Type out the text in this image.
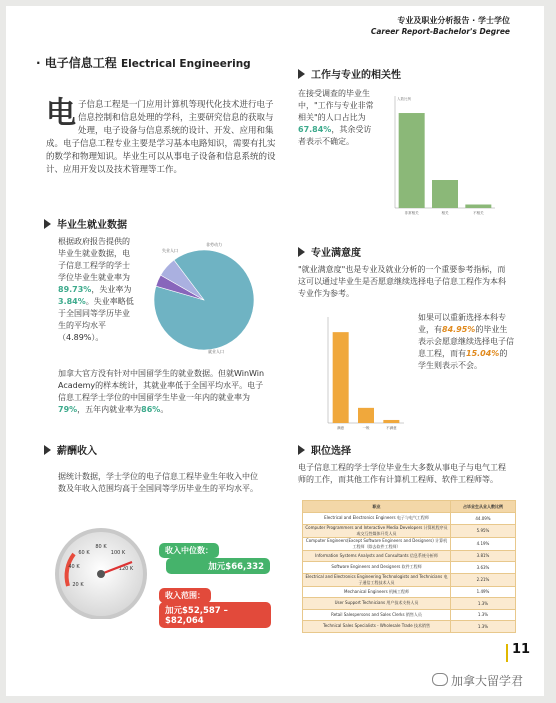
专业及职业分析报告 · 学士学位
Career Report-Bachelor's Degree
· 电子信息工程 Electrical Engineering
电子信息工程是一门应用计算机等现代化技术进行电子信息控制和信息处理的学科，主要研究信息的获取与处理，电子设备与信息系统的设计、开发、应用和集成。电子信息工程专业主要是学习基本电路知识，需要有扎实的数学和物理知识。毕业生可以从事电子设备和信息系统的设计、应用开发以及技术管理等工作。
毕业生就业数据
根据政府报告提供的毕业生就业数据，电子信息工程学的学士学位毕业生就业率为89.73%，失业率为3.84%。失业率略低于全国同等学历毕业生的平均水平（4.89%）。
就业人口
失业人口
非劳动力
加拿大官方没有针对中国留学生的就业数据。但就WinWin Academy的样本统计，其就业率低于全国平均水平。电子信息工程学士学位的中国留学生毕业一年内的就业率为79%，五年内就业率为86%。
工作与专业的相关性
在接受调查的毕业生中，"工作与专业非常相关"的人口占比为67.84%，其余受访者表示不确定。
人数比例
非常相关	相关	不相关
专业满意度
"就业满意度"也是专业及就业分析的一个重要参考指标，而这可以通过毕业生是否愿意继续选择电子信息工程作为本科专业作为参考。
满意	一般	不满意
如果可以重新选择本科专业，有84.95%的毕业生表示会愿意继续选择电子信息工程，而有15.04%的学生则表示不会。
薪酬收入
据统计数据，学士学位的电子信息工程毕业生年收入中位数及年收入范围均高于全国同等学历毕业生的平均水平。
20 K
40 K
60 K
80 K
100 K
120 K
收入中位数：
加元$66,332
收入范围：
加元$52,587 – $82,064
职位选择
电子信息工程的学士学位毕业生大多数从事电子与电气工程师的工作，而其他工作有计算机工程师、软件工程师等。
职业	占毕业生从业人数比例
Electrical and Electronics Engineers 电子与电气工程师	44.09%
Computer Programmers and Interactive Media Developers 计算机程序员或交互性媒体开发人员	5.95%
Computer Engineers(Except Software Engineers and Designers) 计算机工程师（除去软件工程师）	4.19%
Information Systems Analysts and Consultants 信息系统分析师	3.81%
Software Engineers and Designers 软件工程师	3.63%
Electrical and Electronics Engineering Technologists and Technicians 电子通信工程技术人员	2.21%
Mechanical Engineers 机械工程师	1.49%
User Support Technicians 用户技术支持人员	1.3%
Retail Salespersons and Sales Clerks 销售人员	1.3%
Technical Sales Specialists - Wholesale Trade 技术销售	1.3%
11
加拿大留学君
